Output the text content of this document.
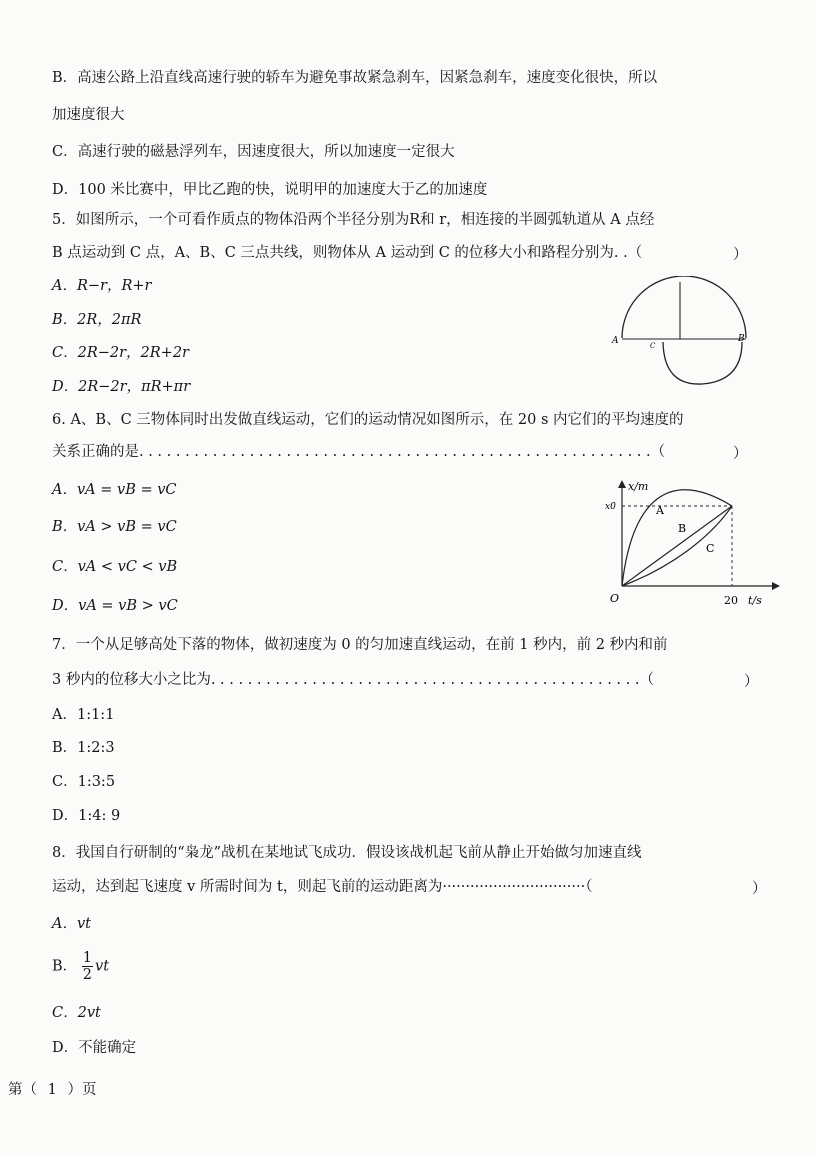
B．高速公路上沿直线高速行驶的轿车为避免事故紧急刹车，因紧急刹车，速度变化很快，所以
加速度很大
C．高速行驶的磁悬浮列车，因速度很大，所以加速度一定很大
D．100 米比赛中，甲比乙跑的快，说明甲的加速度大于乙的加速度
5．如图所示，一个可看作质点的物体沿两个半径分别为R和 r，相连接的半圆弧轨道从 A 点经
B 点运动到 C 点，A、B、C 三点共线，则物体从 A 运动到 C 的位移大小和路程分别为. .（	）
A．R−r，R+r
B．2R，2πR
C．2R−2r，2R+2r
D．2R−2r，πR+πr
A	C
B
6. A、B、C 三物体同时出发做直线运动，它们的运动情况如图所示，在 20 s 内它们的平均速度的
关系正确的是. . . . . . . . . . . . . . . . . . . . . . . . . . . . . . . . . . . . . . . . . . . . . . . . . . . . . . . .（	）
A．vA = vB = vC
B．vA > vB = vC
C．vA < vC < vB
D．vA = vB > vC
x/m
t/s
x0
O	20
A
B
C
7．一个从足够高处下落的物体，做初速度为 0 的匀加速直线运动，在前 1 秒内，前 2 秒内和前
3 秒内的位移大小之比为. . . . . . . . . . . . . . . . . . . . . . . . . . . . . . . . . . . . . . . . . . . . . . .（	）
A．1:1:1
B．1:2:3
C．1:3:5
D．1:4: 9
8．我国自行研制的“枭龙”战机在某地试飞成功．假设该战机起飞前从静止开始做匀加速直线
运动，达到起飞速度 v 所需时间为 t，则起飞前的运动距离为·······························（	）
A．vt
B． $\frac{1}{2}$ vt
C．2vt
D．不能确定
第（ 1 ）页
